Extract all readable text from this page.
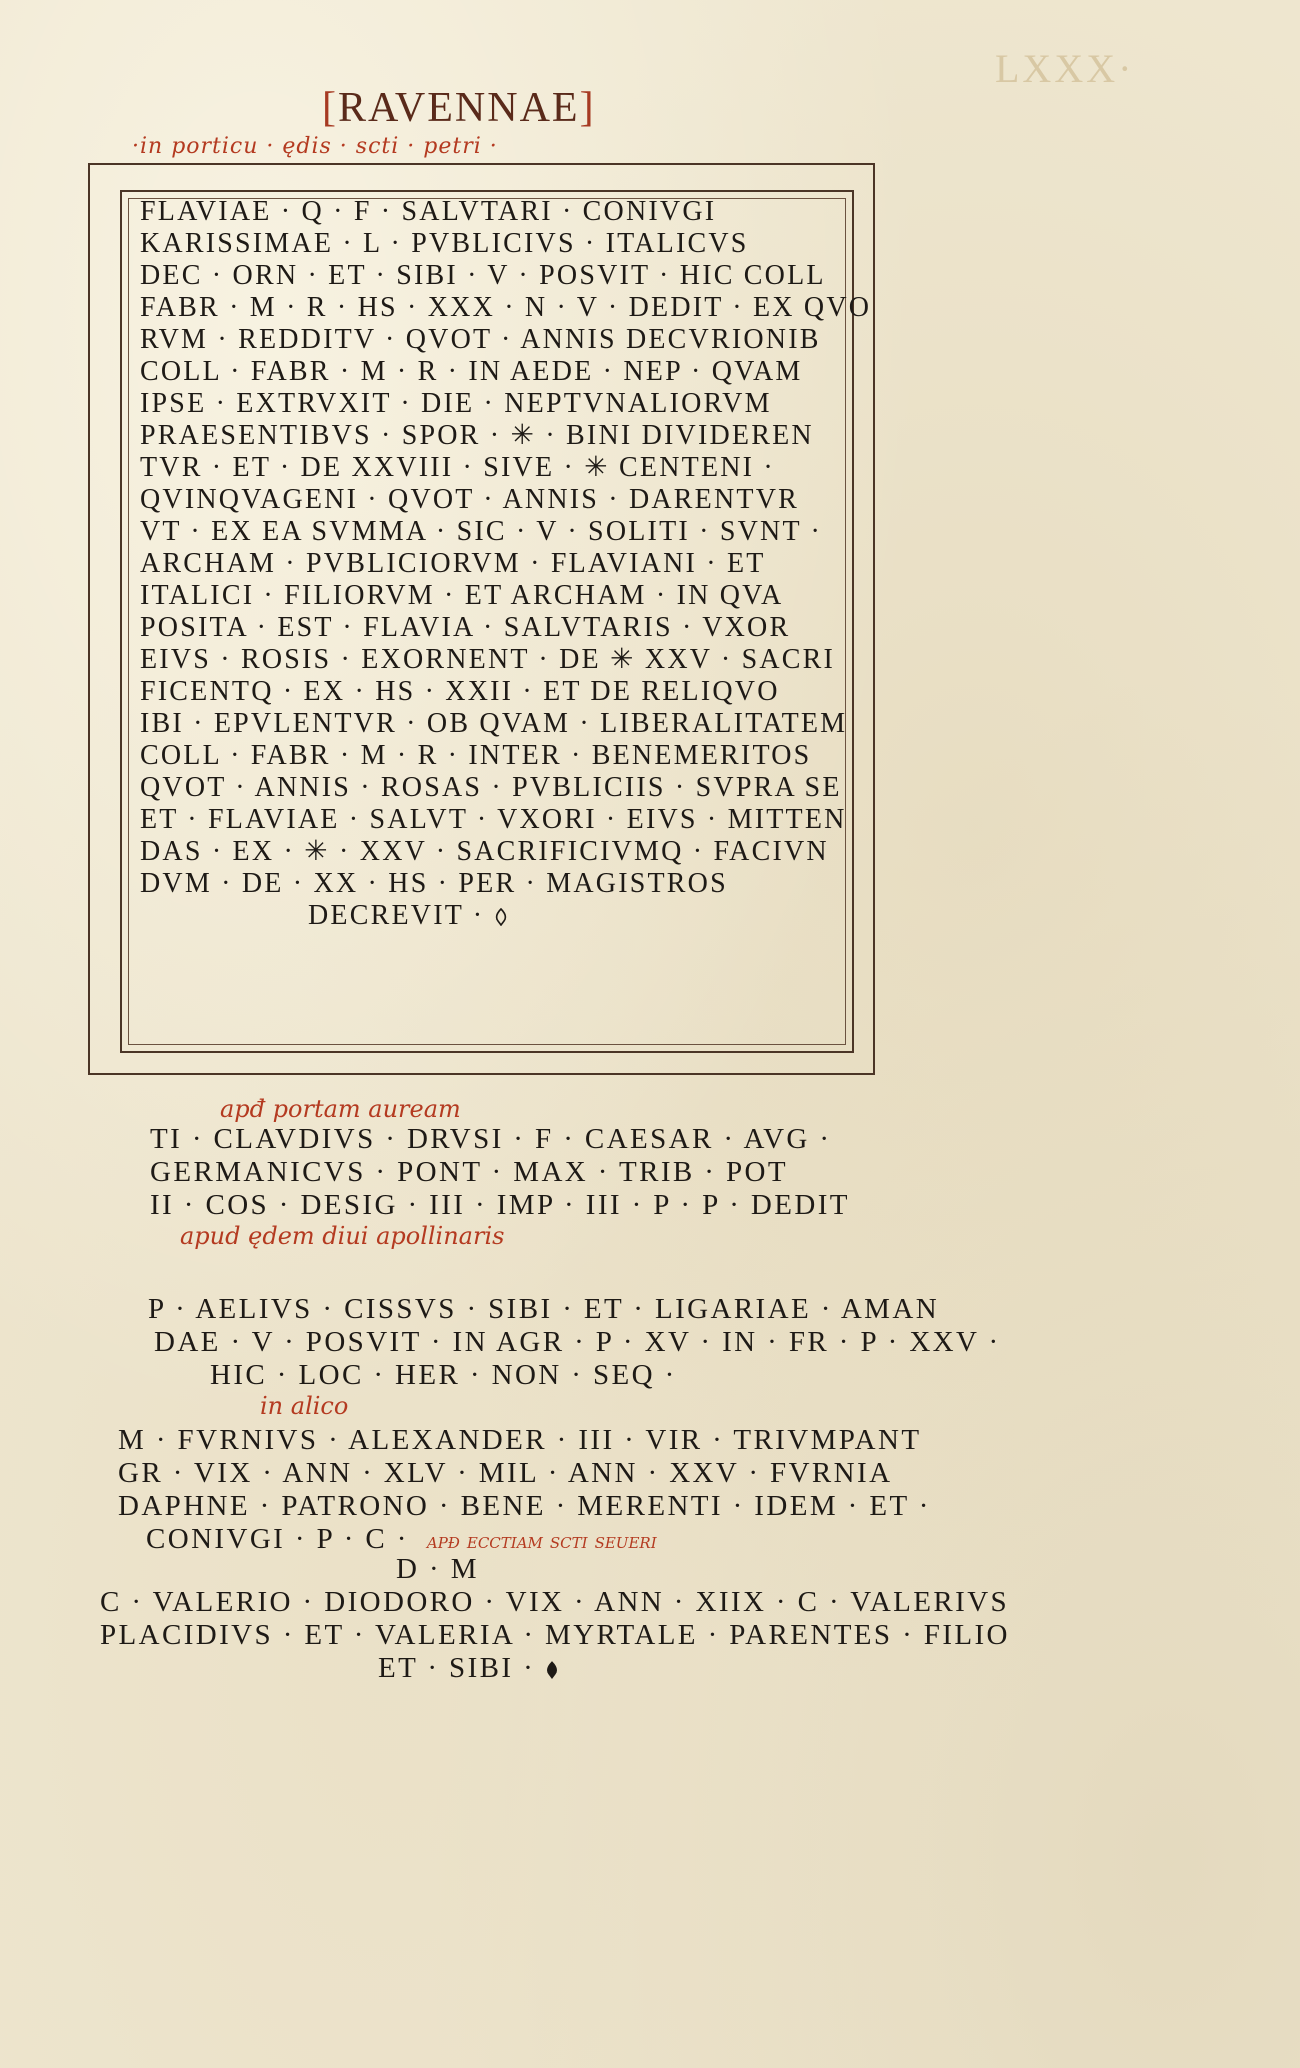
LXXX·
[RAVENNAE]
·in porticu · ędis · scti · petri ·
FLAVIAE · Q · F · SALVTARI · CONIVGI
KARISSIMAE · L · PVBLICIVS · ITALICVS
DEC · ORN · ET · SIBI · V · POSVIT · HIC COLL
FABR · M · R · HS · XXX · N · V · DEDIT · EX QVO
RVM · REDDITV · QVOT · ANNIS DECVRIONIB
COLL · FABR · M · R · IN AEDE · NEP · QVAM
IPSE · EXTRVXIT · DIE · NEPTVNALIORVM
PRAESENTIBVS · SPOR · ✳ · BINI DIVIDEREN
TVR · ET · DE XXVIII · SIVE · ✳ CENTENI ·
QVINQVAGENI · QVOT · ANNIS · DARENTVR
VT · EX EA SVMMA · SIC · V · SOLITI · SVNT ·
ARCHAM · PVBLICIORVM · FLAVIANI · ET
ITALICI · FILIORVM · ET ARCHAM · IN QVA
POSITA · EST · FLAVIA · SALVTARIS · VXOR
EIVS · ROSIS · EXORNENT · DE ✳ XXV · SACRI
FICENTQ · EX · HS · XXII · ET DE RELIQVO
IBI · EPVLENTVR · OB QVAM · LIBERALITATEM
COLL · FABR · M · R · INTER · BENEMERITOS
QVOT · ANNIS · ROSAS · PVBLICIIS · SVPRA SE
ET · FLAVIAE · SALVT · VXORI · EIVS · MITTEN
DAS · EX · ✳ · XXV · SACRIFICIVMQ · FACIVN
DVM · DE · XX · HS · PER · MAGISTROS
DECREVIT ·
apđ portam auream
TI · CLAVDIVS · DRVSI · F · CAESAR · AVG ·
GERMANICVS · PONT · MAX · TRIB · POT
II · COS · DESIG · III · IMP · III · P · P · DEDIT
apud ędem diui apollinaris
P · AELIVS · CISSVS · SIBI · ET · LIGARIAE · AMAN
DAE · V · POSVIT · IN AGR · P · XV · IN · FR · P · XXV ·
HIC · LOC · HER · NON · SEQ ·
in alico
M · FVRNIVS · ALEXANDER · III · VIR · TRIVMPANT
GR · VIX · ANN · XLV · MIL · ANN · XXV · FVRNIA
DAPHNE · PATRONO · BENE · MERENTI · IDEM · ET ·
CONIVGI · P · C · apđ ecctiam scti seueri
D · M
C · VALERIO · DIODORO · VIX · ANN · XIIX · C · VALERIVS
PLACIDIVS · ET · VALERIA · MYRTALE · PARENTES · FILIO
ET · SIBI ·
